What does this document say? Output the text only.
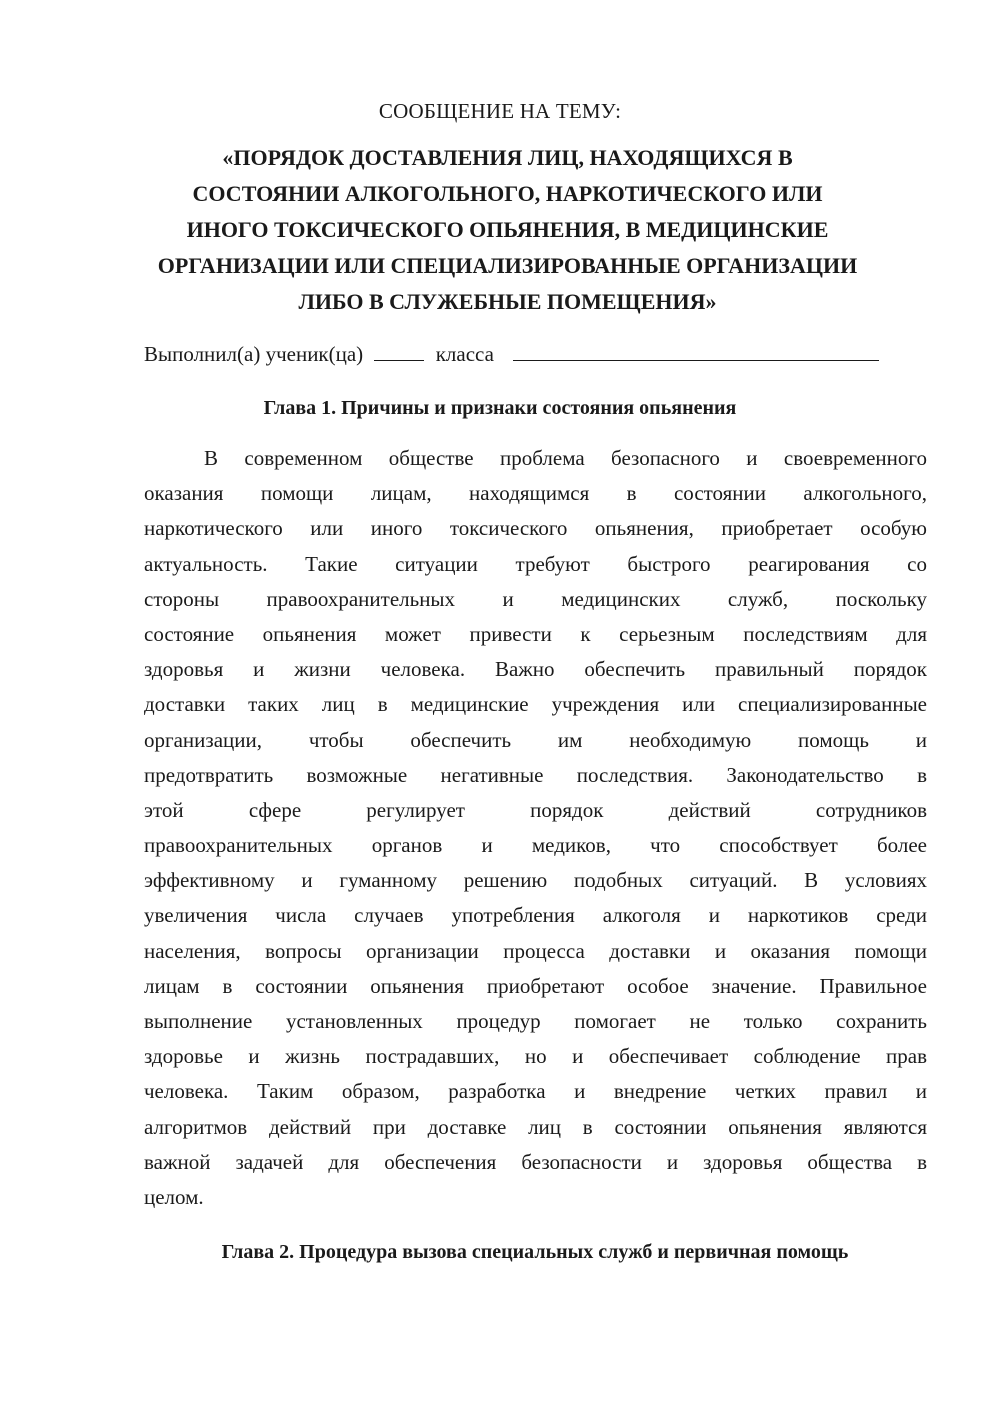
СООБЩЕНИЕ НА ТЕМУ:
«ПОРЯДОК ДОСТАВЛЕНИЯ ЛИЦ, НАХОДЯЩИХСЯ В
СОСТОЯНИИ АЛКОГОЛЬНОГО, НАРКОТИЧЕСКОГО ИЛИ
ИНОГО ТОКСИЧЕСКОГО ОПЬЯНЕНИЯ, В МЕДИЦИНСКИЕ
ОРГАНИЗАЦИИ ИЛИ СПЕЦИАЛИЗИРОВАННЫЕ ОРГАНИЗАЦИИ
ЛИБО В СЛУЖЕБНЫЕ ПОМЕЩЕНИЯ»
Выполнил(а) ученик(ца)	класса
Глава 1. Причины и признаки состояния опьянения
В современном обществе проблема безопасного и своевременного
оказания помощи лицам, находящимся в состоянии алкогольного,
наркотического или иного токсического опьянения, приобретает особую
актуальность. Такие ситуации требуют быстрого реагирования со
стороны правоохранительных и медицинских служб, поскольку
состояние опьянения может привести к серьезным последствиям для
здоровья и жизни человека. Важно обеспечить правильный порядок
доставки таких лиц в медицинские учреждения или специализированные
организации, чтобы обеспечить им необходимую помощь и
предотвратить возможные негативные последствия. Законодательство в
этой сфере регулирует порядок действий сотрудников
правоохранительных органов и медиков, что способствует более
эффективному и гуманному решению подобных ситуаций. В условиях
увеличения числа случаев употребления алкоголя и наркотиков среди
населения, вопросы организации процесса доставки и оказания помощи
лицам в состоянии опьянения приобретают особое значение. Правильное
выполнение установленных процедур помогает не только сохранить
здоровье и жизнь пострадавших, но и обеспечивает соблюдение прав
человека. Таким образом, разработка и внедрение четких правил и
алгоритмов действий при доставке лиц в состоянии опьянения являются
важной задачей для обеспечения безопасности и здоровья общества в
целом.
Глава 2. Процедура вызова специальных служб и первичная помощь
